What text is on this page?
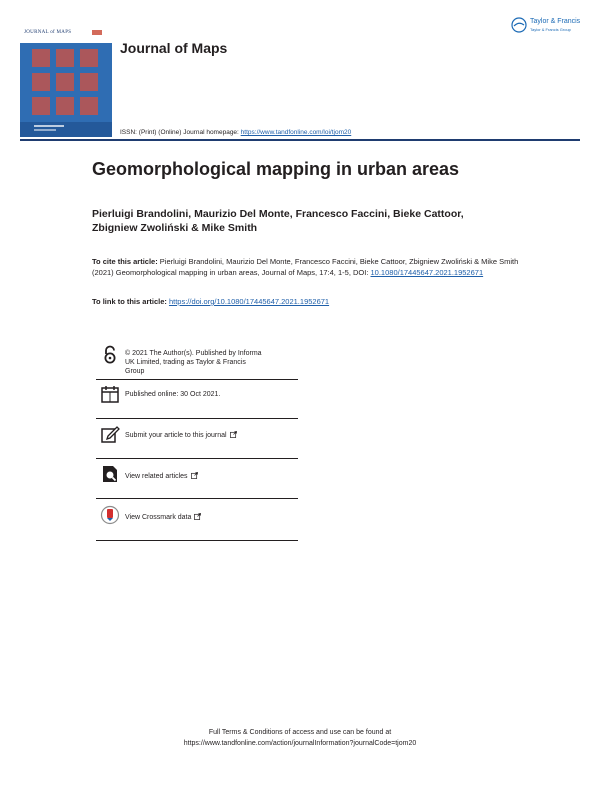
JOURNAL of MAPS
Journal of Maps
ISSN: (Print) (Online) Journal homepage: https://www.tandfonline.com/loi/tjom20
Taylor & Francis
Taylor & Francis Group
Geomorphological mapping in urban areas
Pierluigi Brandolini, Maurizio Del Monte, Francesco Faccini, Bieke Cattoor,
Zbigniew Zwoliński & Mike Smith
To cite this article: Pierluigi Brandolini, Maurizio Del Monte, Francesco Faccini, Bieke Cattoor, Zbigniew Zwoliński & Mike Smith (2021) Geomorphological mapping in urban areas, Journal of Maps, 17:4, 1-5, DOI: 10.1080/17445647.2021.1952671
To link to this article: https://doi.org/10.1080/17445647.2021.1952671
© 2021 The Author(s). Published by Informa
UK Limited, trading as Taylor & Francis
Group
Published online: 30 Oct 2021.
Submit your article to this journal
View related articles
View Crossmark data
Full Terms & Conditions of access and use can be found at
https://www.tandfonline.com/action/journalInformation?journalCode=tjom20
